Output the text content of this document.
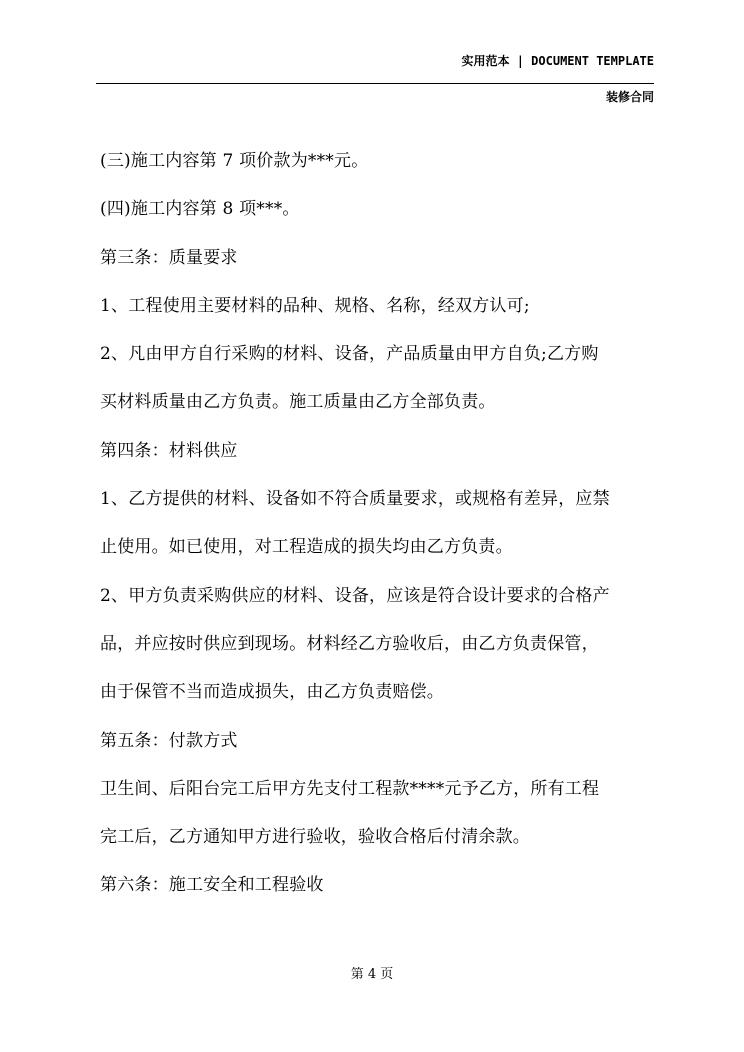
实用范本 | DOCUMENT TEMPLATE
装修合同
(三)施工内容第 7 项价款为***元。
(四)施工内容第 8 项***。
第三条：质量要求
1、工程使用主要材料的品种、规格、名称，经双方认可;
2、凡由甲方自行采购的材料、设备，产品质量由甲方自负;乙方购
买材料质量由乙方负责。施工质量由乙方全部负责。
第四条：材料供应
1、乙方提供的材料、设备如不符合质量要求，或规格有差异，应禁
止使用。如已使用，对工程造成的损失均由乙方负责。
2、甲方负责采购供应的材料、设备，应该是符合设计要求的合格产
品，并应按时供应到现场。材料经乙方验收后，由乙方负责保管，
由于保管不当而造成损失，由乙方负责赔偿。
第五条：付款方式
卫生间、后阳台完工后甲方先支付工程款****元予乙方，所有工程
完工后，乙方通知甲方进行验收，验收合格后付清余款。
第六条：施工安全和工程验收
第 4 页
